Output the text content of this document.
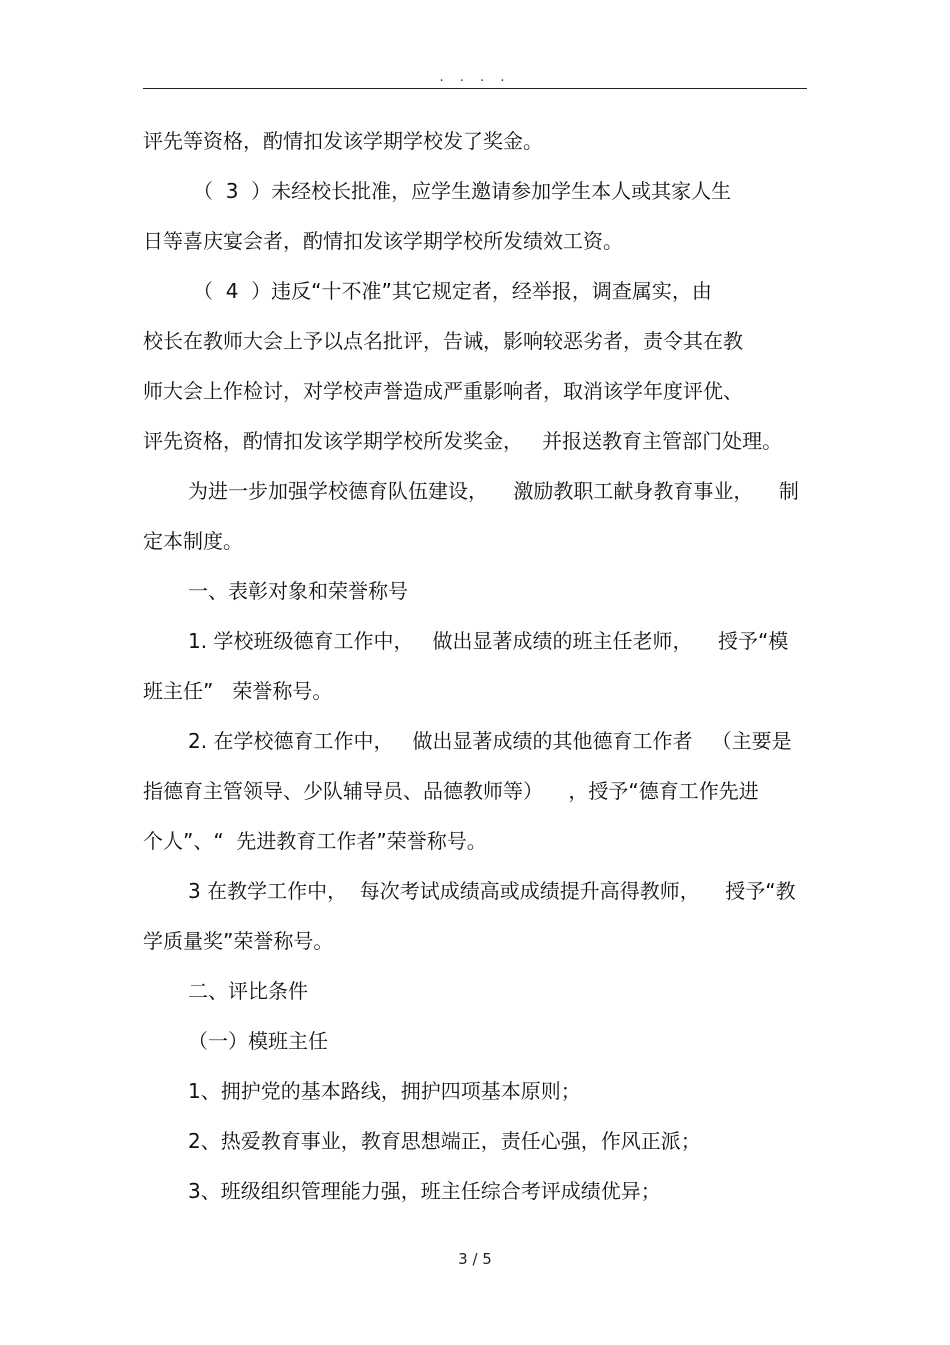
. . . .
评先等资格，酌情扣发该学期学校发了奖金。
（  3  ）未经校长批准，应学生邀请参加学生本人或其家人生
日等喜庆宴会者，酌情扣发该学期学校所发绩效工资。
（  4  ）违反“十不准”其它规定者，经举报，调查属实，由
校长在教师大会上予以点名批评，告诫，影响较恶劣者，责令其在教
师大会上作检讨，对学校声誉造成严重影响者，取消该学年度评优、
评先资格，酌情扣发该学期学校所发奖金，   并报送教育主管部门处理。
为进一步加强学校德育队伍建设，    激励教职工献身教育事业，    制
定本制度。
一、表彰对象和荣誉称号
1. 学校班级德育工作中，   做出显著成绩的班主任老师，    授予“模
班主任”   荣誉称号。
2. 在学校德育工作中，   做出显著成绩的其他德育工作者   （主要是
指德育主管领导、少队辅导员、品德教师等）    ，授予“德育工作先进
个人”、“  先进教育工作者”荣誉称号。
3 在教学工作中，  每次考试成绩高或成绩提升高得教师，    授予“教
学质量奖”荣誉称号。
二、评比条件
（一）模班主任
1、拥护党的基本路线，拥护四项基本原则；
2、热爱教育事业，教育思想端正，责任心强，作风正派；
3、班级组织管理能力强，班主任综合考评成绩优异；
3 / 5
